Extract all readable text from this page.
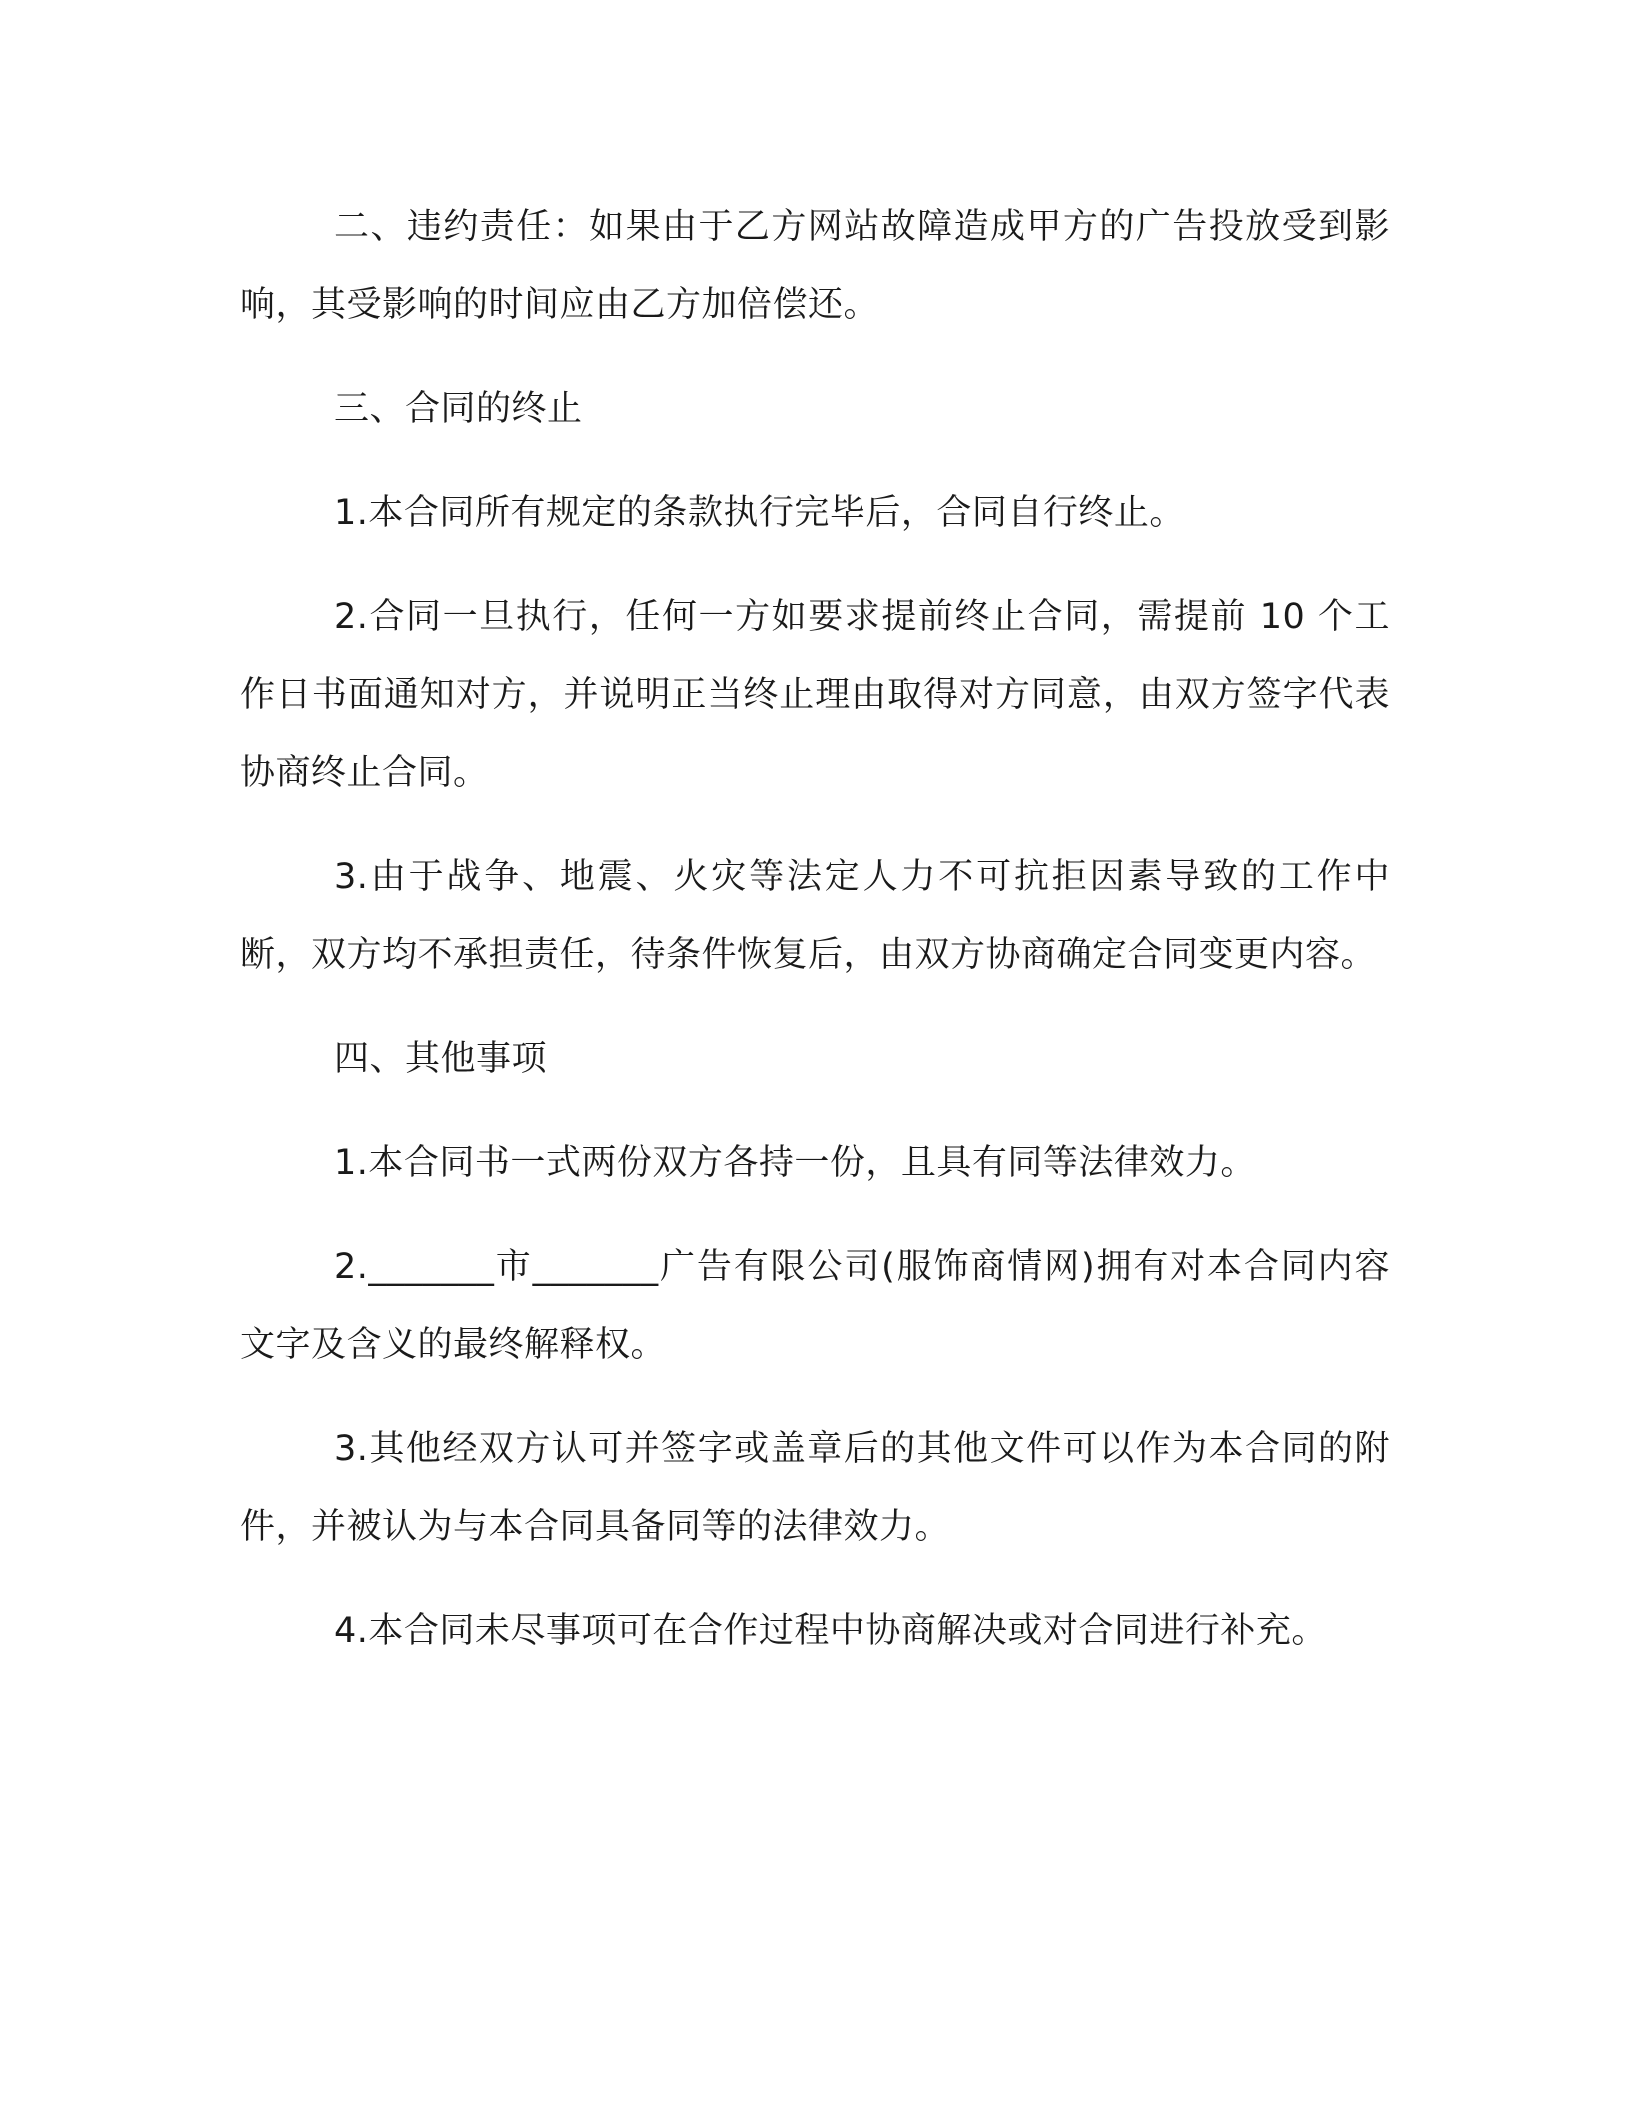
二、违约责任：如果由于乙方网站故障造成甲方的广告投放受到影响，其受影响的时间应由乙方加倍偿还。

三、合同的终止

1.本合同所有规定的条款执行完毕后，合同自行终止。

2.合同一旦执行，任何一方如要求提前终止合同，需提前 10 个工作日书面通知对方，并说明正当终止理由取得对方同意，由双方签字代表协商终止合同。

3.由于战争、地震、火灾等法定人力不可抗拒因素导致的工作中断，双方均不承担责任，待条件恢复后，由双方协商确定合同变更内容。

四、其他事项

1.本合同书一式两份双方各持一份，且具有同等法律效力。

2._______市_______广告有限公司(服饰商情网)拥有对本合同内容文字及含义的最终解释权。

3.其他经双方认可并签字或盖章后的其他文件可以作为本合同的附件，并被认为与本合同具备同等的法律效力。

4.本合同未尽事项可在合作过程中协商解决或对合同进行补充。
